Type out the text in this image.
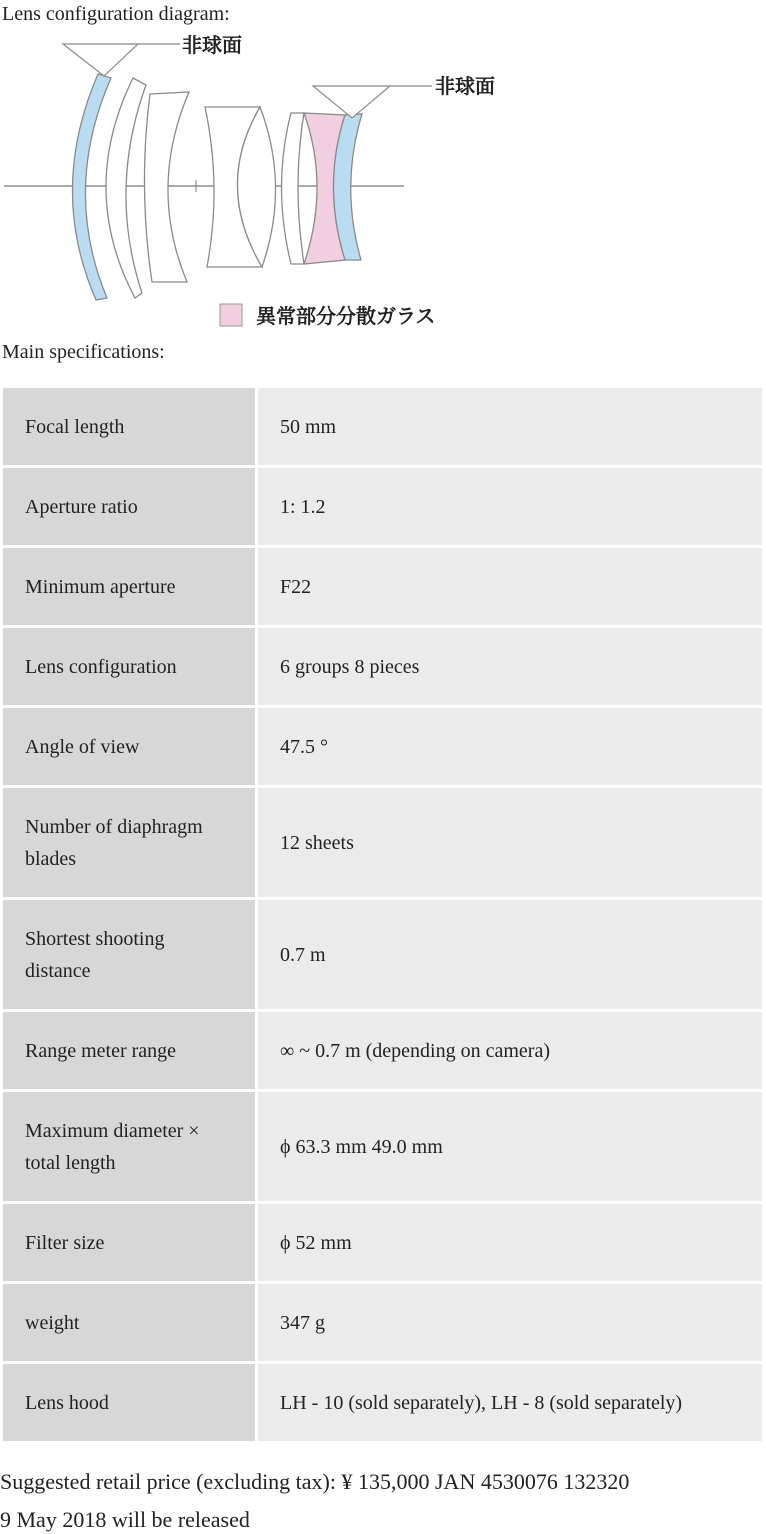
Lens configuration diagram:
非球面
非球面
異常部分分散ガラス
Main specifications:
Focal length	50 mm
Aperture ratio	1: 1.2
Minimum aperture	F22
Lens configuration	6 groups 8 pieces
Angle of view	47.5 °
Number of diaphragm blades	12 sheets
Shortest shooting distance	0.7 m
Range meter range	∞ ~ 0.7 m (depending on camera)
Maximum diameter × total length	ϕ 63.3 mm 49.0 mm
Filter size	ϕ 52 mm
weight	347 g
Lens hood	LH - 10 (sold separately), LH - 8 (sold separately)
Suggested retail price (excluding tax): ¥ 135,000 JAN 4530076 132320
9 May 2018 will be released
